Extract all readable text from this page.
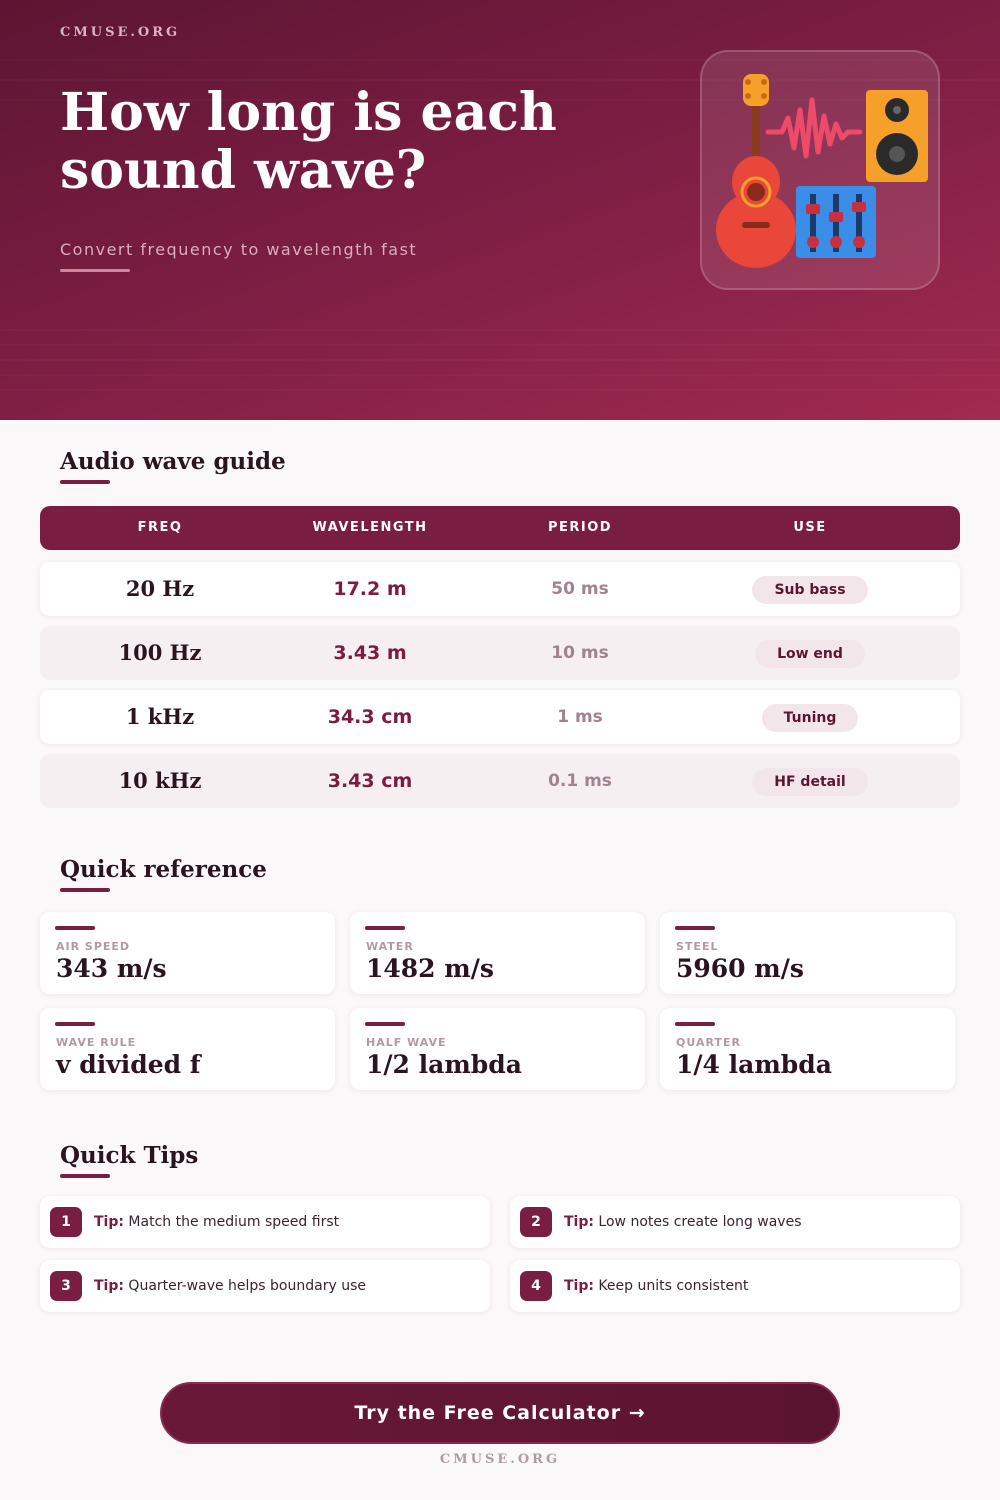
CMUSE.ORG
How long is each sound wave?
Convert frequency to wavelength fast
Audio wave guide
FREQ	WAVELENGTH	PERIOD	USE
20 Hz	17.2 m	50 ms	Sub bass
100 Hz	3.43 m	10 ms	Low end
1 kHz	34.3 cm	1 ms	Tuning
10 kHz	3.43 cm	0.1 ms	HF detail
Quick reference
AIR SPEED
343 m/s
WATER
1482 m/s
STEEL
5960 m/s
WAVE RULE
v divided f
HALF WAVE
1/2 lambda
QUARTER
1/4 lambda
Quick Tips
1	Tip: Match the medium speed first	2	Tip: Low notes create long waves
3	Tip: Quarter-wave helps boundary use	4	Tip: Keep units consistent
Try the Free Calculator →
CMUSE.ORG
